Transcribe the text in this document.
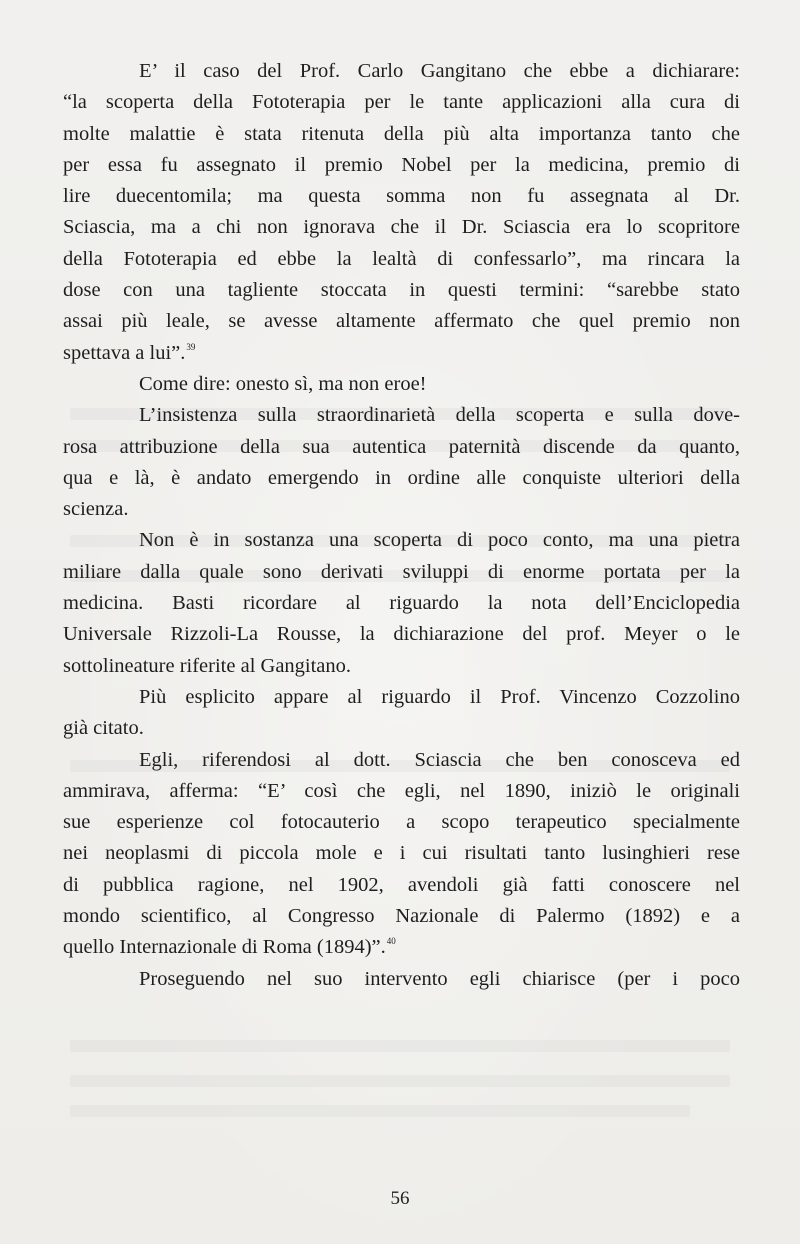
E’ il caso del Prof. Carlo Gangitano che ebbe a dichiarare:
“la scoperta della Fototerapia per le tante applicazioni alla cura di
molte malattie è stata ritenuta della più alta importanza tanto che
per essa fu assegnato il premio Nobel per la medicina, premio di
lire duecentomila; ma questa somma non fu assegnata al Dr.
Sciascia, ma a chi non ignorava che il Dr. Sciascia era lo scopritore
della Fototerapia ed ebbe la lealtà di confessarlo”, ma rincara la
dose con una tagliente stoccata in questi termini: “sarebbe stato
assai più leale, se avesse altamente affermato che quel premio non
spettava a lui”.$^{39}$
Come dire: onesto sì, ma non eroe!
L’insistenza sulla straordinarietà della scoperta e sulla dove-
rosa attribuzione della sua autentica paternità discende da quanto,
qua e là, è andato emergendo in ordine alle conquiste ulteriori della
scienza.
Non è in sostanza una scoperta di poco conto, ma una pietra
miliare dalla quale sono derivati sviluppi di enorme portata per la
medicina. Basti ricordare al riguardo la nota dell’Enciclopedia
Universale Rizzoli-La Rousse, la dichiarazione del prof. Meyer o le
sottolineature riferite al Gangitano.
Più esplicito appare al riguardo il Prof. Vincenzo Cozzolino
già citato.
Egli, riferendosi al dott. Sciascia che ben conosceva ed
ammirava, afferma: “E’ così che egli, nel 1890, iniziò le originali
sue esperienze col fotocauterio a scopo terapeutico specialmente
nei neoplasmi di piccola mole e i cui risultati tanto lusinghieri rese
di pubblica ragione, nel 1902, avendoli già fatti conoscere nel
mondo scientifico, al Congresso Nazionale di Palermo (1892) e a
quello Internazionale di Roma (1894)”.$^{40}$
Proseguendo nel suo intervento egli chiarisce (per i poco
56
